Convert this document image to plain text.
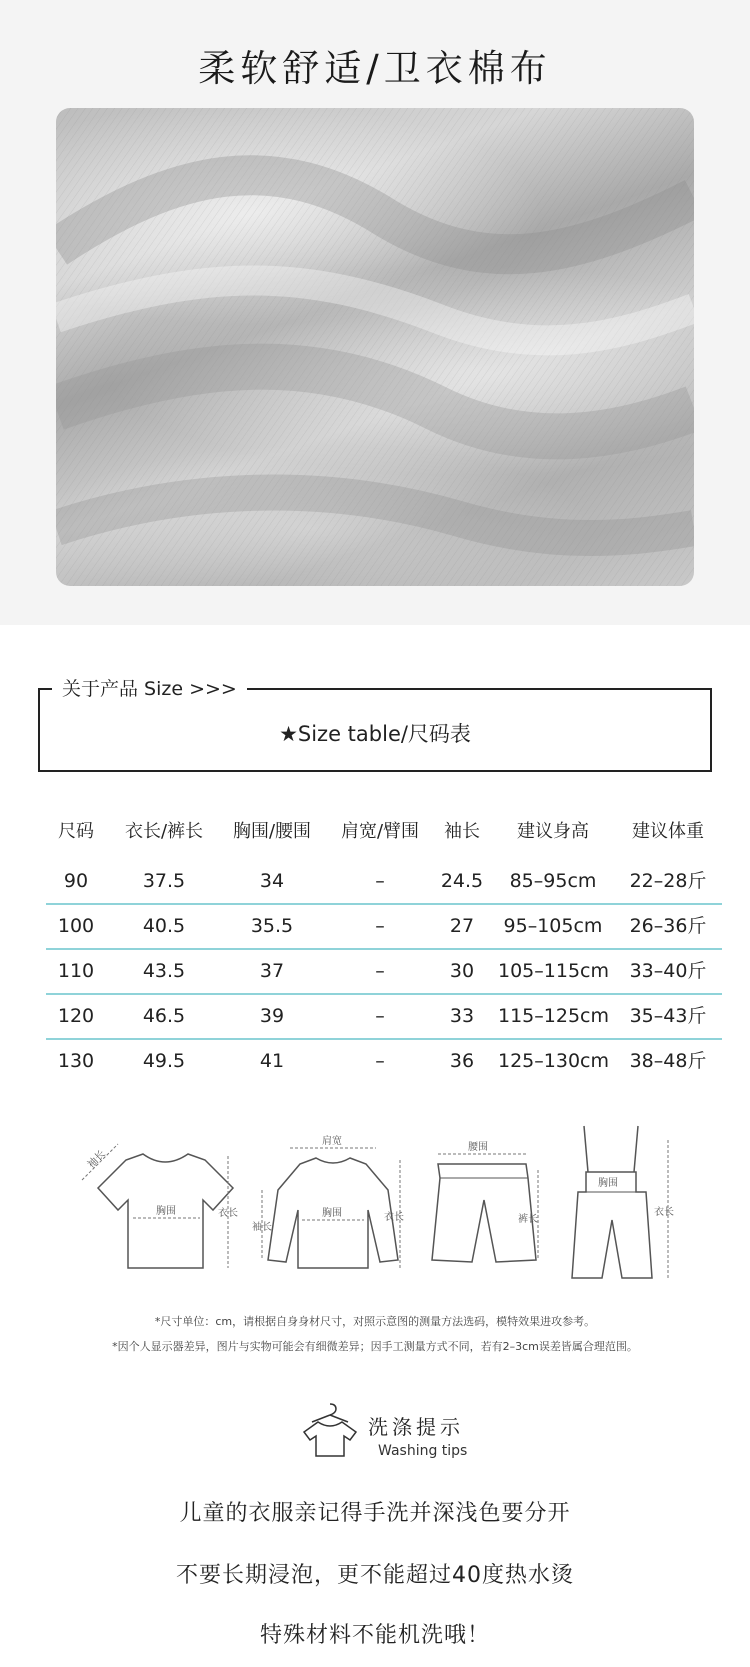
柔软舒适/卫衣棉布
关于产品 Size >>>
★Size table/尺码表
尺码	衣长/裤长	胸围/腰围	肩宽/臂围	袖长	建议身高	建议体重
90	37.5	34	–	24.5	85–95cm	22–28斤
100	40.5	35.5	–	27	95–105cm	26–36斤
110	43.5	37	–	30	105–115cm	33–40斤
120	46.5	39	–	33	115–125cm	35–43斤
130	49.5	41	–	36	125–130cm	38–48斤
袖长
胸围	衣长
肩宽
袖长
胸围	衣长
腰围
裤长
胸围
衣长
*尺寸单位：cm，请根据自身身材尺寸，对照示意图的测量方法选码，模特效果进攻参考。
*因个人显示器差异，图片与实物可能会有细微差异；因手工测量方式不同，若有2–3cm误差皆属合理范围。
洗涤提示
Washing tips
儿童的衣服亲记得手洗并深浅色要分开
不要长期浸泡，更不能超过40度热水烫
特殊材料不能机洗哦！
